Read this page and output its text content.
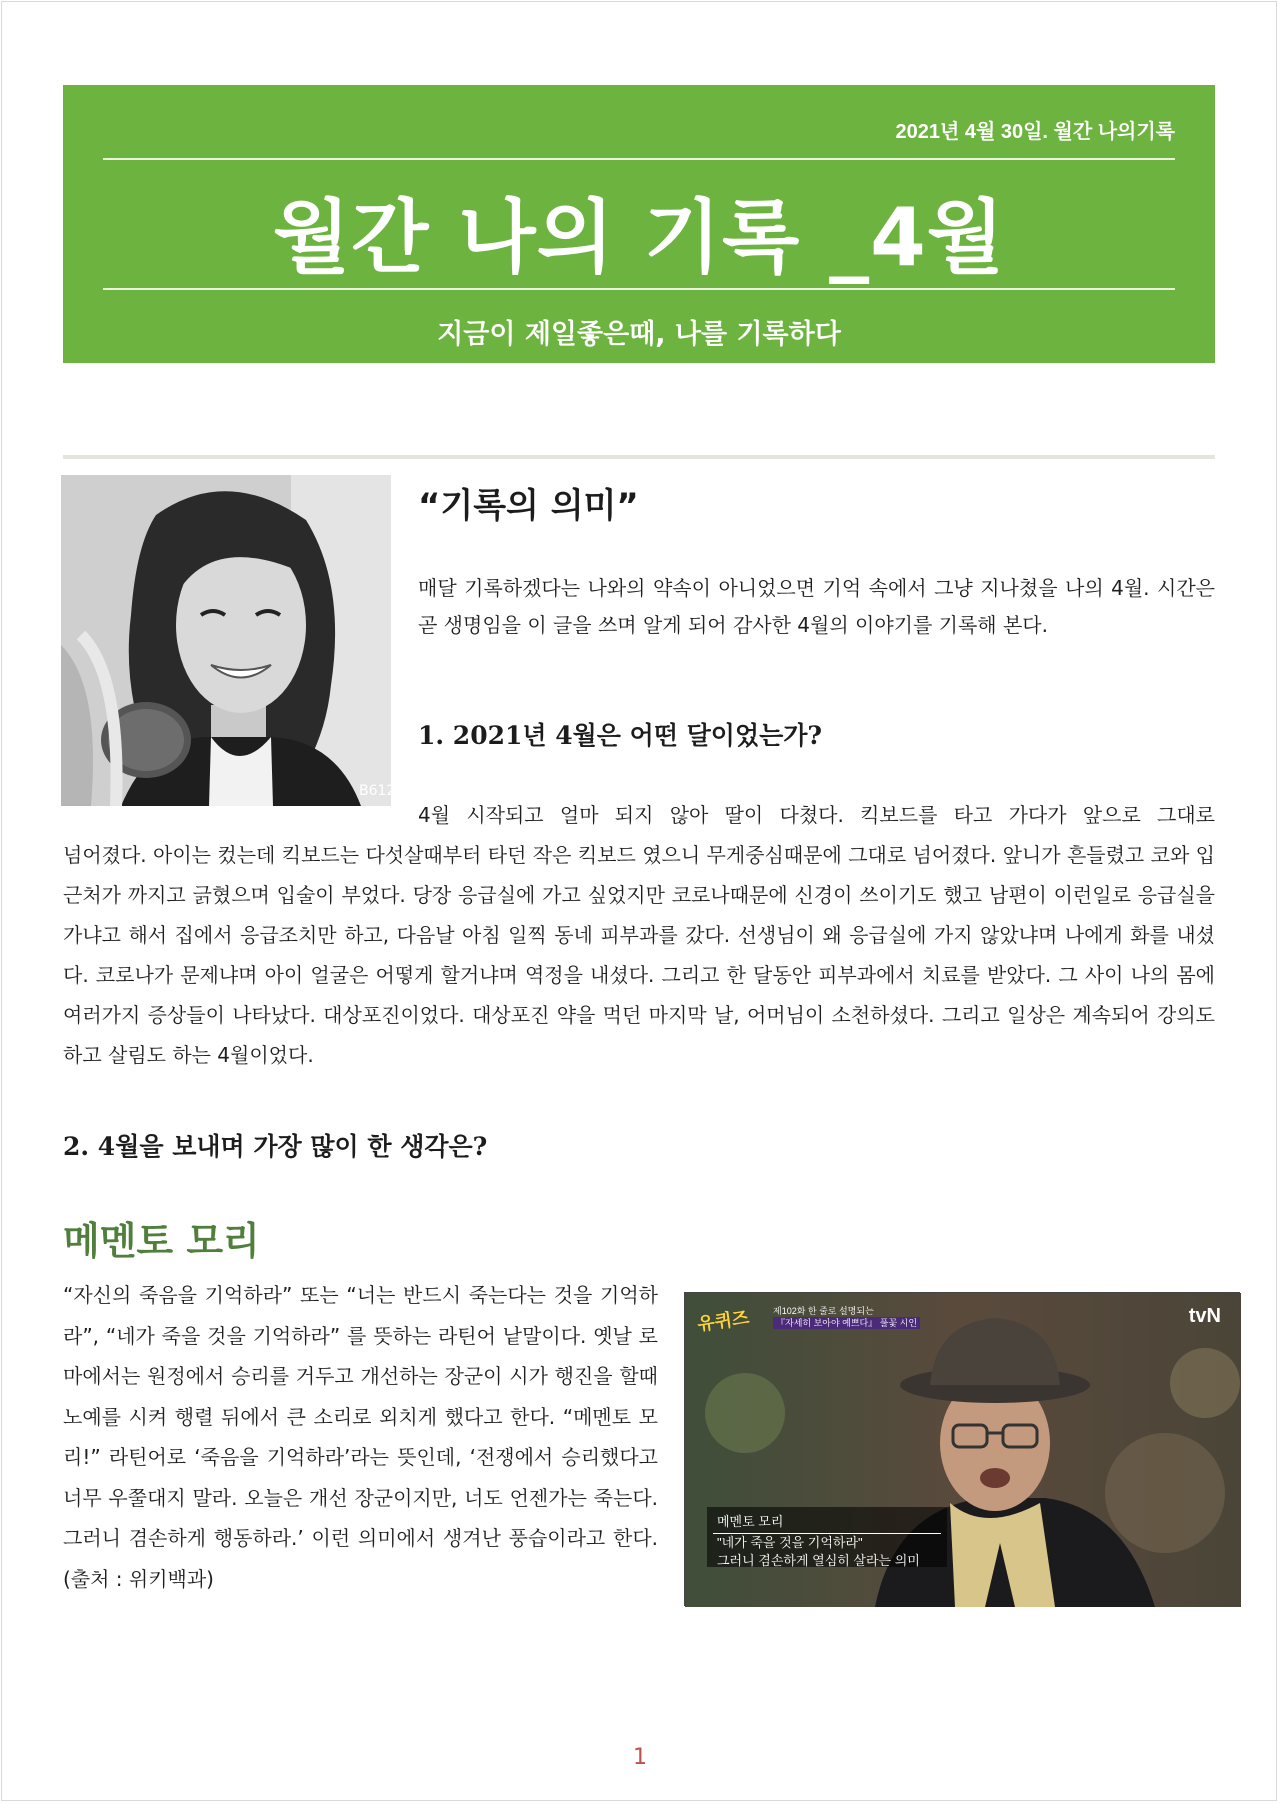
2021년 4월 30일. 월간 나의기록
월간 나의 기록 _4월
지금이 제일좋은때, 나를 기록하다
B612
“기록의 의미”
매달 기록하겠다는 나와의 약속이 아니었으면 기억 속에서 그냥 지나쳤을 나의 4월. 시간은 곧 생명임을 이 글을 쓰며 알게 되어 감사한 4월의 이야기를 기록해 본다.
1. 2021년 4월은 어떤 달이었는가?
4월 시작되고 얼마 되지 않아 딸이 다쳤다. 킥보드를 타고 가다가 앞으로 그대로
넘어졌다. 아이는 컸는데 킥보드는 다섯살때부터 타던 작은 킥보드 였으니 무게중심때문에 그대로 넘어졌다. 앞니가 흔들렸고 코와 입근처가 까지고 긁혔으며 입술이 부었다. 당장 응급실에 가고 싶었지만 코로나때문에 신경이 쓰이기도 했고 남편이 이런일로 응급실을 가냐고 해서 집에서 응급조치만 하고, 다음날 아침 일찍 동네 피부과를 갔다. 선생님이 왜 응급실에 가지 않았냐며 나에게 화를 내셨다. 코로나가 문제냐며 아이 얼굴은 어떻게 할거냐며 역정을 내셨다. 그리고 한 달동안 피부과에서 치료를 받았다. 그 사이 나의 몸에 여러가지 증상들이 나타났다. 대상포진이었다. 대상포진 약을 먹던 마지막 날, 어머님이 소천하셨다. 그리고 일상은 계속되어 강의도 하고 살림도 하는 4월이었다.
2. 4월을 보내며 가장 많이 한 생각은?
메멘토 모리
“자신의 죽음을 기억하라” 또는 “너는 반드시 죽는다는 것을 기억하라”, “네가 죽을 것을 기억하라” 를 뜻하는 라틴어 낱말이다. 옛날 로마에서는 원정에서 승리를 거두고 개선하는 장군이 시가 행진을 할때 노예를 시켜 행렬 뒤에서 큰 소리로 외치게 했다고 한다. “메멘토 모리!” 라틴어로 ‘죽음을 기억하라’라는 뜻인데, ‘전쟁에서 승리했다고 너무 우쭐대지 말라. 오늘은 개선 장군이지만, 너도 언젠가는 죽는다. 그러니 겸손하게 행동하라.’ 이런 의미에서 생겨난 풍습이라고 한다. (출처 : 위키백과)
유퀴즈	제102화 한 줄로 설명되는
『자세히 보아야 예쁘다』 풀꽃 시인	tvN
메멘토 모리
"네가 죽을 것을 기억하라"
그러니 겸손하게 열심히 살라는 의미
1
